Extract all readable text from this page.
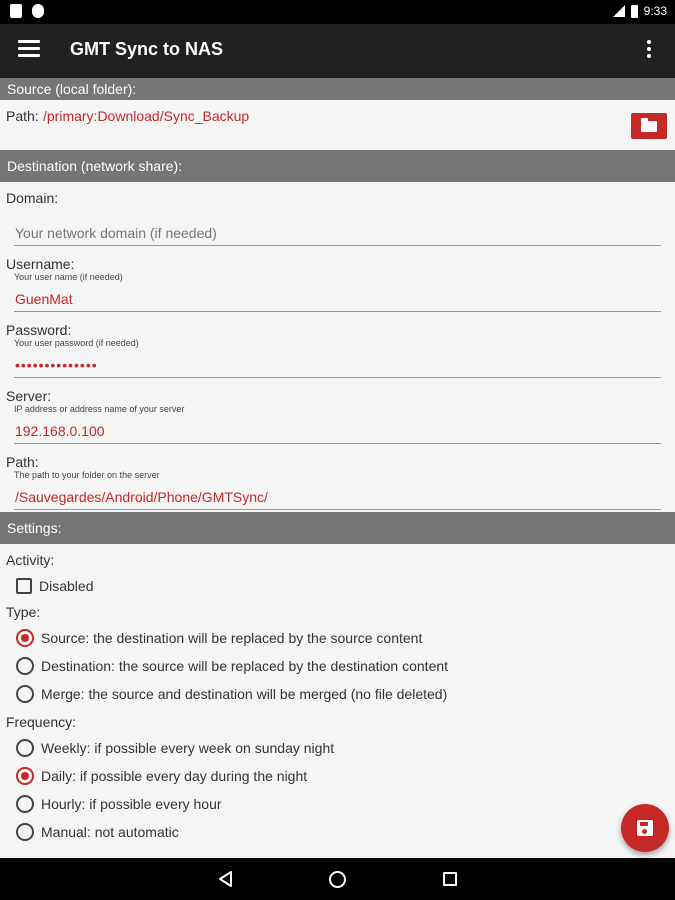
9:33
GMT Sync to NAS
Source (local folder):
Path: /primary:Download/Sync_Backup
Destination (network share):
Domain:
Your network domain (if needed)
Username:
Your user name (if needed)
GuenMat
Password:
Your user password (if needed)
••••••••••••••
Server:
IP address or address name of your server
192.168.0.100
Path:
The path to your folder on the server
/Sauvegardes/Android/Phone/GMTSync/
Settings:
Activity:
Disabled
Type:
Source: the destination will be replaced by the source content
Destination: the source will be replaced by the destination content
Merge: the source and destination will be merged (no file deleted)
Frequency:
Weekly: if possible every week on sunday night
Daily: if possible every day during the night
Hourly: if possible every hour
Manual: not automatic
